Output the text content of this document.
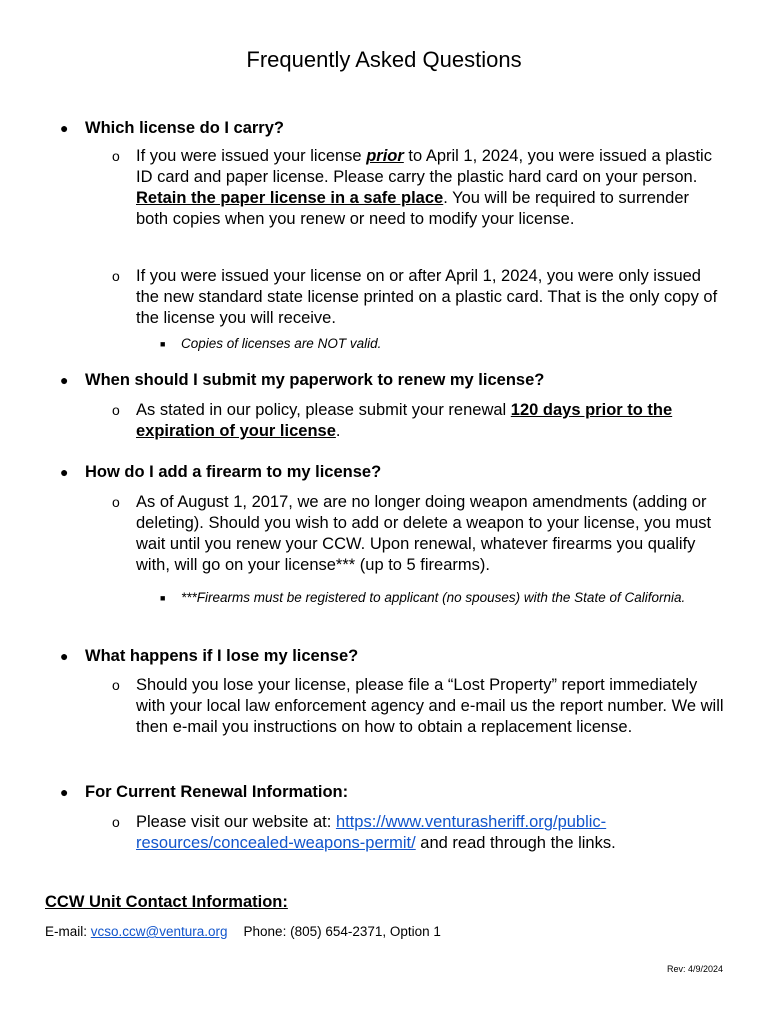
Frequently Asked Questions
● Which license do I carry?
o If you were issued your license prior to April 1, 2024, you were issued a plastic ID card and paper license. Please carry the plastic hard card on your person. Retain the paper license in a safe place. You will be required to surrender both copies when you renew or need to modify your license.
o If you were issued your license on or after April 1, 2024, you were only issued the new standard state license printed on a plastic card. That is the only copy of the license you will receive.
■ Copies of licenses are NOT valid.
● When should I submit my paperwork to renew my license?
o As stated in our policy, please submit your renewal 120 days prior to the expiration of your license.
● How do I add a firearm to my license?
o As of August 1, 2017, we are no longer doing weapon amendments (adding or deleting). Should you wish to add or delete a weapon to your license, you must wait until you renew your CCW. Upon renewal, whatever firearms you qualify with, will go on your license*** (up to 5 firearms).
■ ***Firearms must be registered to applicant (no spouses) with the State of California.
● What happens if I lose my license?
o Should you lose your license, please file a “Lost Property” report immediately with your local law enforcement agency and e-mail us the report number. We will then e-mail you instructions on how to obtain a replacement license.
● For Current Renewal Information:
o Please visit our website at: https://www.venturasheriff.org/public-resources/concealed-weapons-permit/ and read through the links.
CCW Unit Contact Information:
E-mail: vcso.ccw@ventura.org Phone: (805) 654-2371, Option 1
Rev: 4/9/2024
